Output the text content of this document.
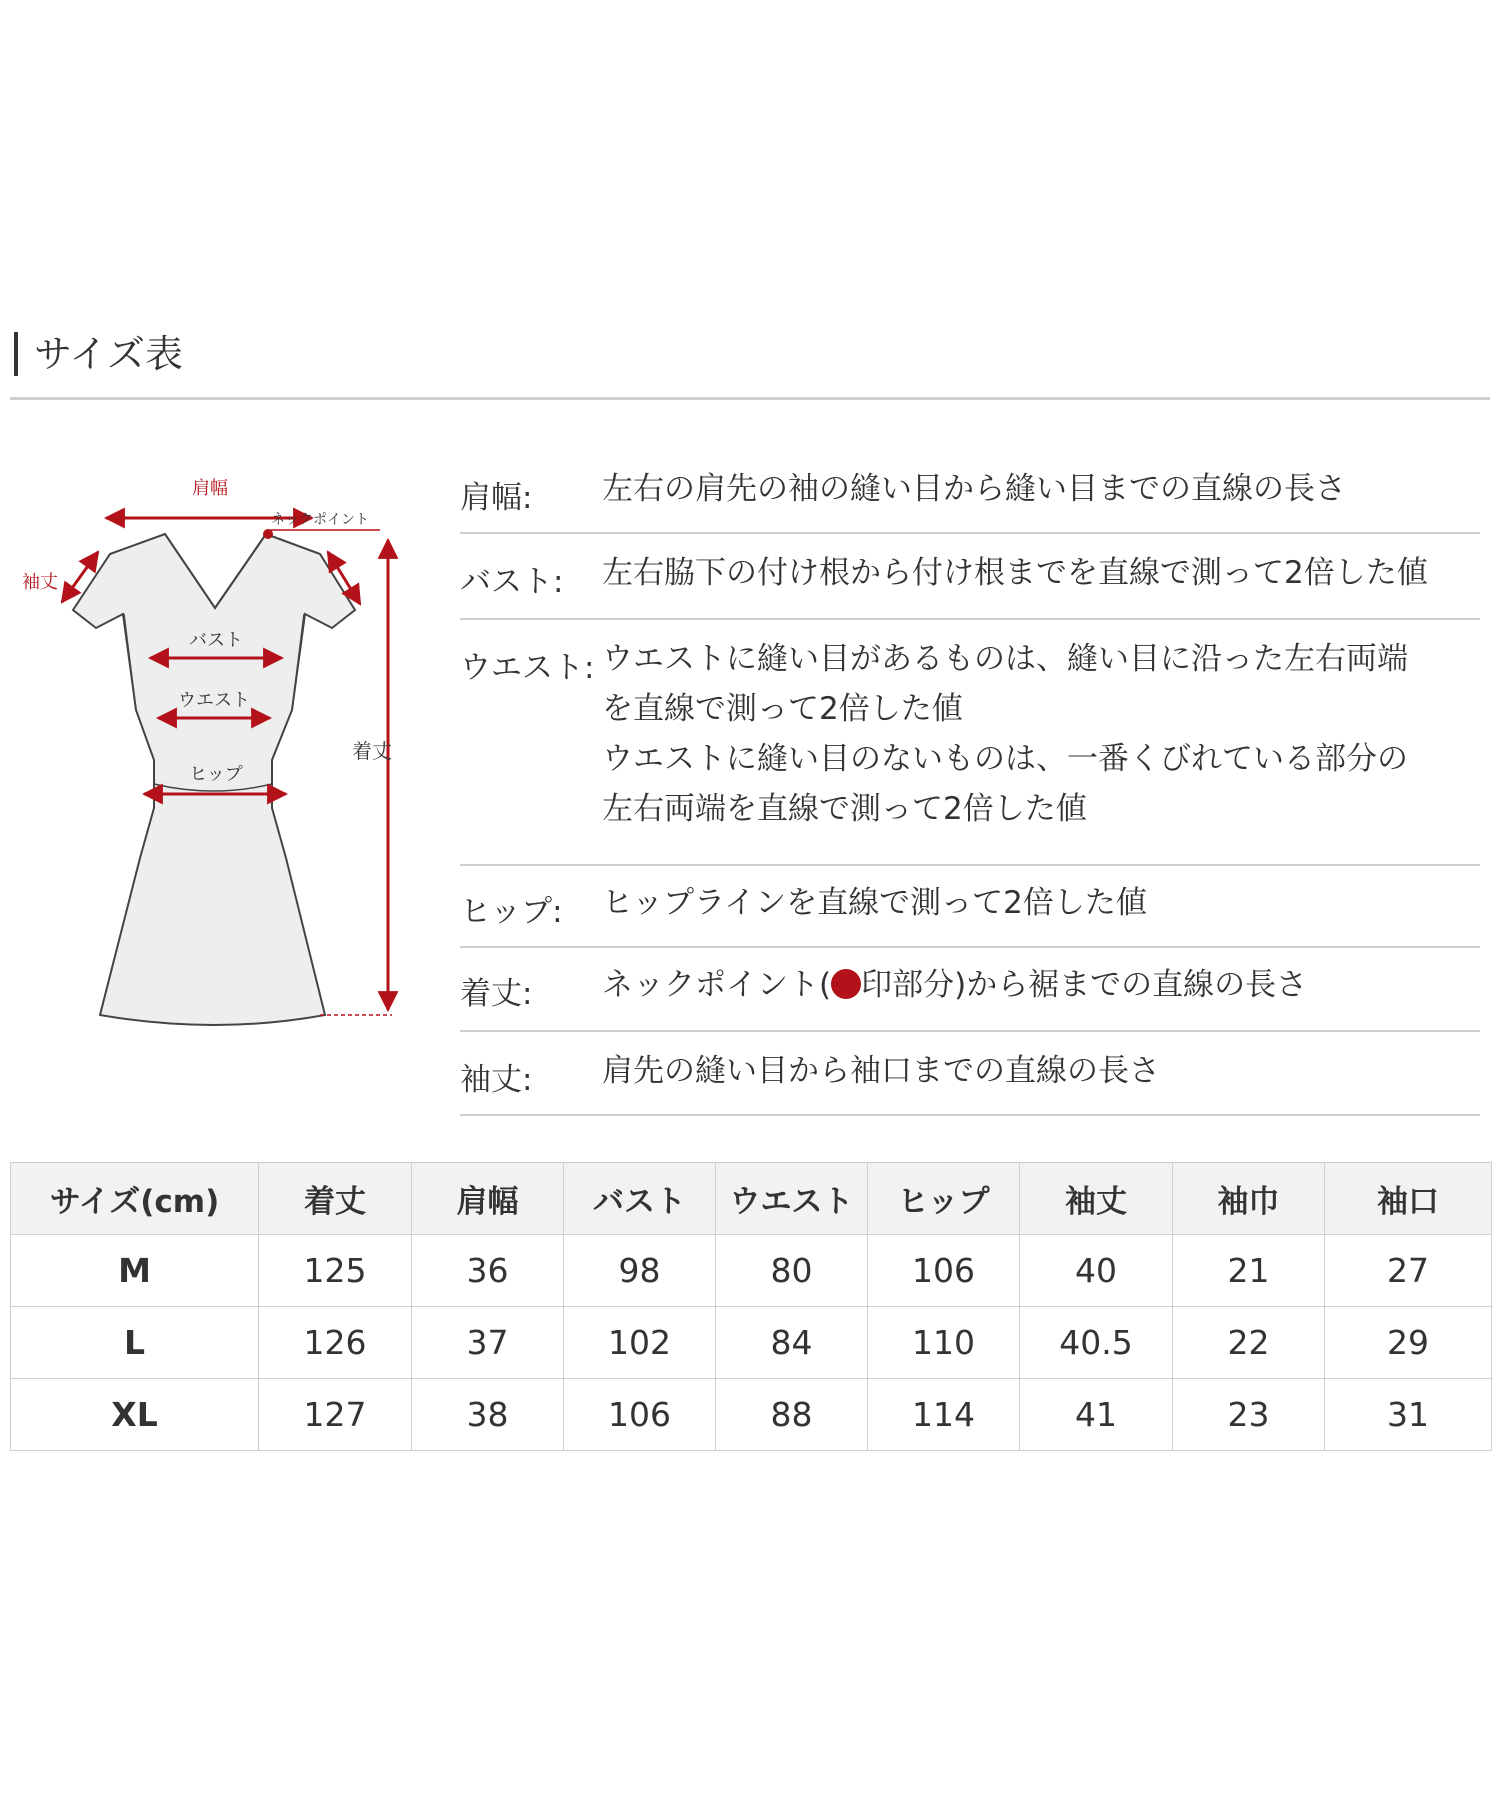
サイズ表
肩幅
ネックポイント
袖丈
バスト
ウエスト
ヒップ
着丈
肩幅: 左右の肩先の袖の縫い目から縫い目までの直線の長さ
バスト: 左右脇下の付け根から付け根までを直線で測って2倍した値
ウエスト: ウエストに縫い目があるものは、縫い目に沿った左右両端
を直線で測って2倍した値
ウエストに縫い目のないものは、一番くびれている部分の
左右両端を直線で測って2倍した値
ヒップ: ヒップラインを直線で測って2倍した値
着丈: ネックポイント( 印部分)から裾までの直線の長さ
袖丈: 肩先の縫い目から袖口までの直線の長さ
サイズ(cm)	着丈	肩幅	バスト	ウエスト	ヒップ	袖丈	袖巾	袖口
M	125	36	98	80	106	40	21	27
L	126	37	102	84	110	40.5	22	29
XL	127	38	106	88	114	41	23	31
